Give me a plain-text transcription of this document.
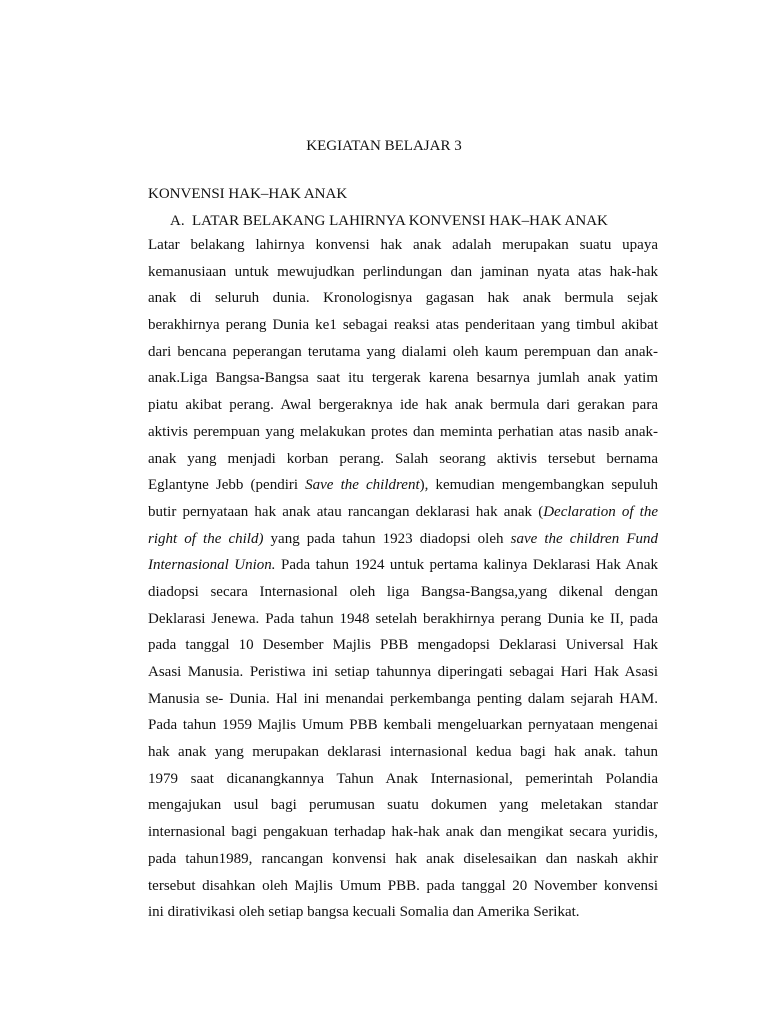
KEGIATAN BELAJAR 3
KONVENSI HAK–HAK ANAK
A. LATAR BELAKANG LAHIRNYA KONVENSI HAK–HAK ANAK
Latar belakang lahirnya konvensi hak anak adalah merupakan suatu upaya
kemanusiaan untuk mewujudkan perlindungan dan jaminan nyata atas hak-hak
anak di seluruh dunia. Kronologisnya gagasan hak anak bermula sejak
berakhirnya perang Dunia ke1 sebagai reaksi atas penderitaan yang timbul akibat
dari bencana peperangan terutama yang dialami oleh kaum perempuan dan anak-
anak.Liga Bangsa-Bangsa saat itu tergerak karena besarnya jumlah anak yatim
piatu akibat perang. Awal bergeraknya ide hak anak bermula dari gerakan para
aktivis perempuan yang melakukan protes dan meminta perhatian atas nasib anak-
anak yang menjadi korban perang. Salah seorang aktivis tersebut bernama
Eglantyne Jebb (pendiri Save the childrent), kemudian mengembangkan sepuluh
butir pernyataan hak anak atau rancangan deklarasi hak anak (Declaration of the
right of the child) yang pada tahun 1923 diadopsi oleh save the children Fund
Internasional Union. Pada tahun 1924 untuk pertama kalinya Deklarasi Hak Anak
diadopsi secara Internasional oleh liga Bangsa-Bangsa,yang dikenal dengan
Deklarasi Jenewa. Pada tahun 1948 setelah berakhirnya perang Dunia ke II, pada
pada tanggal 10 Desember Majlis PBB mengadopsi Deklarasi Universal Hak
Asasi Manusia. Peristiwa ini setiap tahunnya diperingati sebagai Hari Hak Asasi
Manusia se- Dunia. Hal ini menandai perkembanga penting dalam sejarah HAM.
Pada tahun 1959 Majlis Umum PBB kembali mengeluarkan pernyataan mengenai
hak anak yang merupakan deklarasi internasional kedua bagi hak anak. tahun
1979 saat dicanangkannya Tahun Anak Internasional, pemerintah Polandia
mengajukan usul bagi perumusan suatu dokumen yang meletakan standar
internasional bagi pengakuan terhadap hak-hak anak dan mengikat secara yuridis,
pada tahun1989, rancangan konvensi hak anak diselesaikan dan naskah akhir
tersebut disahkan oleh Majlis Umum PBB. pada tanggal 20 November konvensi
ini dirativikasi oleh setiap bangsa kecuali Somalia dan Amerika Serikat.
